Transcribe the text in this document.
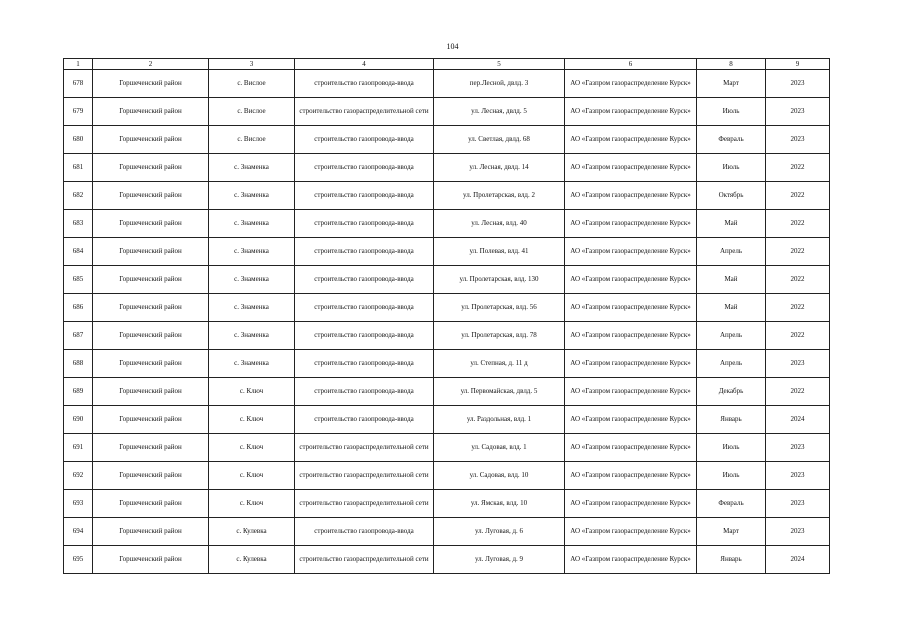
104
1	2	3	4	5	6	8	9
678	Горшеченский район	с. Вислое	строительство газопровода-ввода	пер.Лесной, двлд. 3	АО «Газпром газораспределение Курск»	Март	2023
679	Горшеченский район	с. Вислое	строительство газораспределительной сети	ул. Лесная, двлд. 5	АО «Газпром газораспределение Курск»	Июль	2023
680	Горшеченский район	с. Вислое	строительство газопровода-ввода	ул. Светлая, двлд. 68	АО «Газпром газораспределение Курск»	Февраль	2023
681	Горшеченский район	с. Знаменка	строительство газопровода-ввода	ул. Лесная, двлд. 14	АО «Газпром газораспределение Курск»	Июль	2022
682	Горшеченский район	с. Знаменка	строительство газопровода-ввода	ул. Пролетарская, влд. 2	АО «Газпром газораспределение Курск»	Октябрь	2022
683	Горшеченский район	с. Знаменка	строительство газопровода-ввода	ул. Лесная, влд. 40	АО «Газпром газораспределение Курск»	Май	2022
684	Горшеченский район	с. Знаменка	строительство газопровода-ввода	ул. Полевая, влд. 41	АО «Газпром газораспределение Курск»	Апрель	2022
685	Горшеченский район	с. Знаменка	строительство газопровода-ввода	ул. Пролетарская, влд. 130	АО «Газпром газораспределение Курск»	Май	2022
686	Горшеченский район	с. Знаменка	строительство газопровода-ввода	ул. Пролетарская, влд. 56	АО «Газпром газораспределение Курск»	Май	2022
687	Горшеченский район	с. Знаменка	строительство газопровода-ввода	ул. Пролетарская, влд. 78	АО «Газпром газораспределение Курск»	Апрель	2022
688	Горшеченский район	с. Знаменка	строительство газопровода-ввода	ул. Степная, д. 11 д	АО «Газпром газораспределение Курск»	Апрель	2023
689	Горшеченский район	с. Ключ	строительство газопровода-ввода	ул. Первомайская, двлд. 5	АО «Газпром газораспределение Курск»	Декабрь	2022
690	Горшеченский район	с. Ключ	строительство газопровода-ввода	ул. Раздольная, влд. 1	АО «Газпром газораспределение Курск»	Январь	2024
691	Горшеченский район	с. Ключ	строительство газораспределительной сети	ул. Садовая, влд. 1	АО «Газпром газораспределение Курск»	Июль	2023
692	Горшеченский район	с. Ключ	строительство газораспределительной сети	ул. Садовая, влд. 10	АО «Газпром газораспределение Курск»	Июль	2023
693	Горшеченский район	с. Ключ	строительство газораспределительной сети	ул. Ямская, влд. 10	АО «Газпром газораспределение Курск»	Февраль	2023
694	Горшеченский район	с. Кулевка	строительство газопровода-ввода	ул. Луговая, д. 6	АО «Газпром газораспределение Курск»	Март	2023
695	Горшеченский район	с. Кулевка	строительство газораспределительной сети	ул. Луговая, д. 9	АО «Газпром газораспределение Курск»	Январь	2024
